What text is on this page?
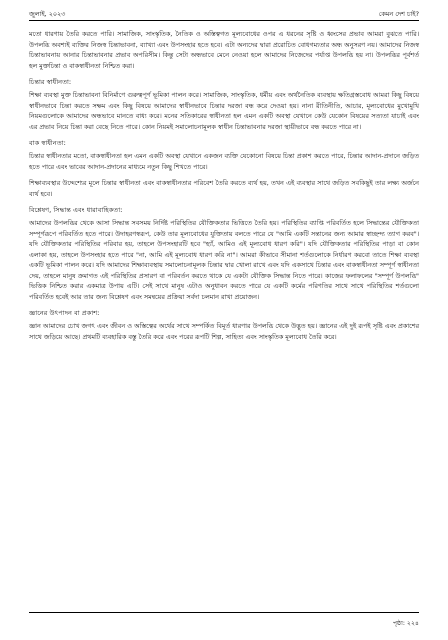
জুলাই, ২০২৩	কেমন দেশ চাই?

মতো ধারণায় তৈরি করতে পারি। সামাজিক, সাংস্কৃতিক, নৈতিক ও অস্তিত্বগত মূল্যবোধের ওপর এ ধরনের সৃষ্টি ও ধ্বংসের প্রভাব আমরা বুঝতে পারি। উপলব্ধি অবশ্যই ব্যক্তির নিজস্ব চিন্তাভাবনা, ব্যাখ্যা এবং উপসংহার হতে হবে। এটা অন্যদের দ্বারা প্ররোচিত বোধগম্যতার অন্ধ অনুসরণ নয়। আমাদের নিজস্ব চিন্তাভাবনায় আনার চিন্তাভাবনার প্রভাব অপরিসীম। কিন্তু সেটা অন্ধভাবে মেনে নেওয়া হলে আমাদের নিজেদের পর্যাপ্ত উপলব্ধি হয় না। উপলব্ধির পূর্বশর্ত হল মুক্তচিন্তা ও বাকস্বাধীনতা নিশ্চিত করা।

চিন্তার স্বাধীনতা:

শিক্ষা ব্যবস্থা মুক্ত চিন্তাভাবনা বিনির্মাণে গুরুত্বপূর্ণ ভূমিকা পালন করে। সামাজিক, সাংস্কৃতিক, ধর্মীয় এবং অর্থনৈতিক ব্যবস্থায় ক্ষতিগ্রস্তবোধ আমরা কিছু বিষয়ে স্বাধীনভাবে চিন্তা করতে সক্ষম এবং কিছু বিষয়ে আমাদের স্বাধীনভাবে চিন্তার দরজা বন্ধ করে দেওয়া হয়। নানা রীতিনীতি, আচার, মূল্যবোধের মুখোমুখি নিয়মগুলোকে আমাদের অন্ধভাবে মানতে বাধ্য করে। মনের সতিকারের স্বাধীনতা হল এমন একটি অবস্থা যেখানে কেউ যেকোন বিষয়ের সত্যতা যাচাই এবং এর প্রভাব নিয়ে চিন্তা করা বেছে নিতে পারে। কোন নিয়মই সমালোচনামূলক স্বাধীন চিন্তাভাবনার দরজা স্থায়ীভাবে বন্ধ করতে পারে না।

বাক স্বাধীনতা:

চিন্তার স্বাধীনতার মতো, বাকস্বাধীনতা হল এমন একটি অবস্থা যেখানে একজন ব্যক্তি যেকোনো বিষয়ে চিন্তা প্রকাশ করতে পারে, চিন্তার আদান-প্রদানে জড়িত হতে পারে এবং ভাবের আদান-প্রদানের মাধ্যমে নতুন কিছু শিখতে পারে।

শিক্ষাব্যবস্থার উদ্দেশ্যের মূলে চিন্তার স্বাধীনতা এবং বাকস্বাধীনতার পরিবেশ তৈরি করতে ব্যর্থ হয়, তখন এই ব্যবস্থার সাথে জড়িত সবকিছুই তার লক্ষ্য অর্জনে ব্যর্থ হবে।

বিশ্লেষণ, সিদ্ধান্ত এবং ধারাবাহিকতা:

আমাদের উপলব্ধির থেকে আসা সিদ্ধান্ত সবসময় নির্দিষ্ট পরিস্থিতির যৌক্তিকতার ভিত্তিতে তৈরি হয়। পরিস্থিতির ব্যাপ্তি পরিবর্তিত হলে সিদ্ধান্তের যৌক্তিকতা সম্পূর্ণরূপে পরিবর্তিত হতে পারে। উদাহরণস্বরূপ, কেউ তার মূল্যবোধের যুক্তিতায় বলতে পারে যে "আমি একটি সন্তানের জন্য আমার স্বাচ্ছন্দ্য ত্যাগ করব"। যদি যৌক্তিকতার পরিস্থিতির পরিবার হয়, তাহলে উপসংহারটি হবে "হ্যাঁ, আমিও এই মূল্যবোধ ধারণ করি"। যদি যৌক্তিকতার পরিস্থিতির পাড়া বা কোন এলাকা হয়, তাহলে উপসংহার হতে পারে "না, আমি এই মূল্যবোধ ধারণ করি না"। আমরা কীভাবে সীমানা শর্তগুলোকে নির্ধারণ করবো তাতে শিক্ষা ব্যবস্থা একটি ভূমিকা পালন করে। যদি আমাদের শিক্ষাব্যবস্থায় সমালোচনামূলক চিন্তার দ্বার খোলা রাখে এবং যদি একসাথে চিন্তার এবং বাকস্বাধীনতা সম্পূর্ণ স্বাধীনতা দেয়, তাহলে মানুষ ক্রমাগত এই পরিস্থিতির প্রসারণ বা পরিবর্তন করতে থাকে যে একটা যৌক্তিক সিদ্ধান্ত নিতে পারে। কাজের ফলাফলের "সম্পূর্ণ উপলব্ধি" ভিত্তিক নিশ্চিত করার একমাত্র উপায় এটি। সেই সাথে মানুষ এটাও অনুধাবন করতে পারে যে একটি কর্মের পরিণতির সাথে সাথে পরিস্থিতির শর্তগুলো পরিবর্তিত হবেই আর তার জন্য বিশ্লেষণ এবং সমন্বয়ের প্রক্রিয়া সর্বদা চলমান রাখা প্রয়োজন।

জ্ঞানের উৎপাদন বা প্রকাশ:

জ্ঞান আমাদের চোখ জগৎ এবং জীবন ও অস্তিত্বের অর্থের সাথে সম্পর্কিত বিমূর্ত ধারণার উপলব্ধি থেকে উদ্ভূত হয়। জ্ঞানের এই দুই রূপই সৃষ্টি এবং প্রকাশের সাথে জড়িয়ে আছে। প্রথমটি ব্যবহারিক বস্তু তৈরি করে এবং পরের রূপটি শিল্প, সাহিত্য এবং সাংস্কৃতিক মূল্যবোধ তৈরি করে।

পৃষ্ঠা: ২২৪
